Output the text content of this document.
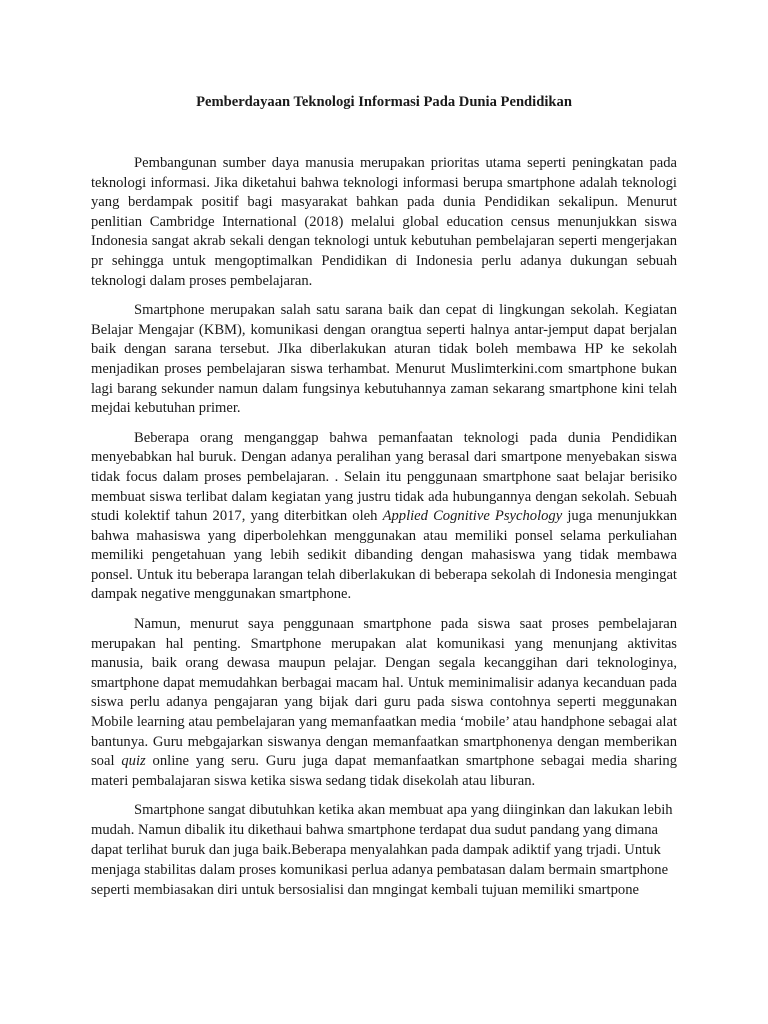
Pemberdayaan Teknologi Informasi Pada Dunia Pendidikan

Pembangunan sumber daya manusia merupakan prioritas utama seperti peningkatan pada teknologi informasi. Jika diketahui bahwa teknologi informasi berupa smartphone adalah teknologi yang berdampak positif bagi masyarakat bahkan pada dunia Pendidikan sekalipun. Menurut penlitian Cambridge International (2018) melalui global education census menunjukkan siswa Indonesia sangat akrab sekali dengan teknologi untuk kebutuhan pembelajaran seperti mengerjakan pr sehingga untuk mengoptimalkan Pendidikan di Indonesia perlu adanya dukungan sebuah teknologi dalam proses pembelajaran.

Smartphone merupakan salah satu sarana baik dan cepat di lingkungan sekolah. Kegiatan Belajar Mengajar (KBM), komunikasi dengan orangtua seperti halnya antar-jemput dapat berjalan baik dengan sarana tersebut. JIka diberlakukan aturan tidak boleh membawa HP ke sekolah menjadikan proses pembelajaran siswa terhambat. Menurut Muslimterkini.com smartphone bukan lagi barang sekunder namun dalam fungsinya kebutuhannya zaman sekarang smartphone kini telah mejdai kebutuhan primer.

Beberapa orang menganggap bahwa pemanfaatan teknologi pada dunia Pendidikan menyebabkan hal buruk. Dengan adanya peralihan yang berasal dari smartpone menyebakan siswa tidak focus dalam proses pembelajaran. . Selain itu penggunaan smartphone saat belajar berisiko membuat siswa terlibat dalam kegiatan yang justru tidak ada hubungannya dengan sekolah. Sebuah studi kolektif tahun 2017, yang diterbitkan oleh Applied Cognitive Psychology juga menunjukkan bahwa mahasiswa yang diperbolehkan menggunakan atau memiliki ponsel selama perkuliahan memiliki pengetahuan yang lebih sedikit dibanding dengan mahasiswa yang tidak membawa ponsel. Untuk itu beberapa larangan telah diberlakukan di beberapa sekolah di Indonesia mengingat dampak negative menggunakan smartphone.

Namun, menurut saya penggunaan smartphone pada siswa saat proses pembelajaran merupakan hal penting. Smartphone merupakan alat komunikasi yang menunjang aktivitas manusia, baik orang dewasa maupun pelajar. Dengan segala kecanggihan dari teknologinya, smartphone dapat memudahkan berbagai macam hal. Untuk meminimalisir adanya kecanduan pada siswa perlu adanya pengajaran yang bijak dari guru pada siswa contohnya seperti meggunakan Mobile learning atau pembelajaran yang memanfaatkan media ‘mobile’ atau handphone sebagai alat bantunya. Guru mebgajarkan siswanya dengan memanfaatkan smartphonenya dengan memberikan soal quiz online yang seru. Guru juga dapat memanfaatkan smartphone sebagai media sharing materi pembalajaran siswa ketika siswa sedang tidak disekolah atau liburan.

Smartphone sangat dibutuhkan ketika akan membuat apa yang diinginkan dan lakukan lebih mudah. Namun dibalik itu dikethaui bahwa smartphone terdapat dua sudut pandang yang dimana dapat terlihat buruk dan juga baik.Beberapa menyalahkan pada dampak adiktif yang trjadi. Untuk menjaga stabilitas dalam proses komunikasi perlua adanya pembatasan dalam bermain smartphone seperti membiasakan diri untuk bersosialisi dan mngingat kembali tujuan memiliki smartpone
